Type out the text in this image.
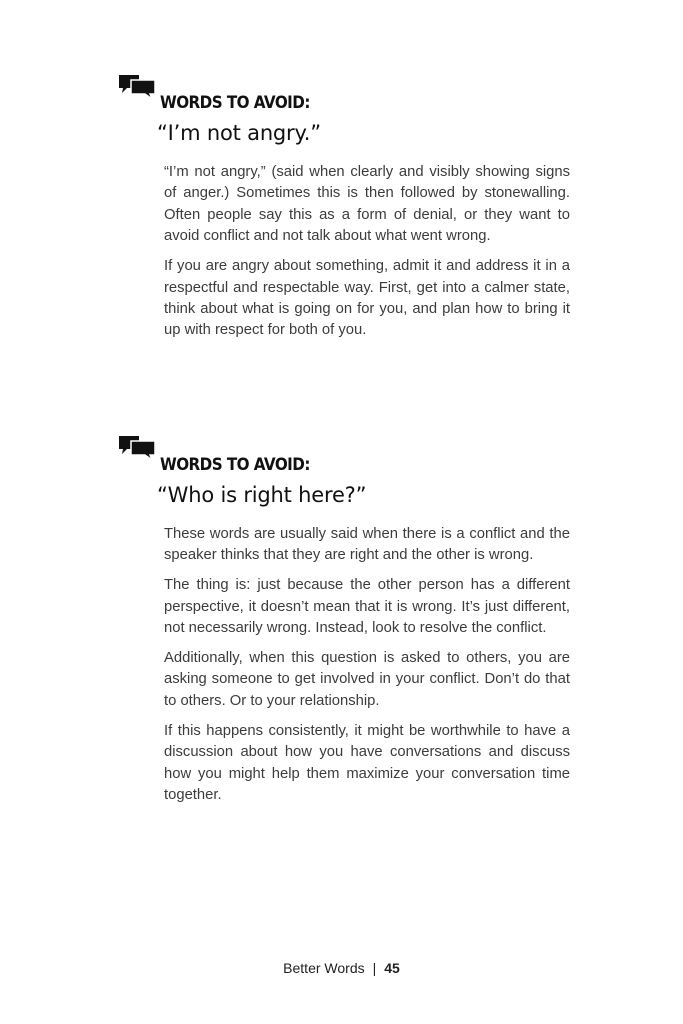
WORDS TO AVOID:
“I’m not angry.”

“I’m not angry,” (said when clearly and visibly showing signs of anger.) Sometimes this is then followed by stonewalling. Often people say this as a form of denial, or they want to avoid conflict and not talk about what went wrong.

If you are angry about something, admit it and address it in a respectful and respectable way. First, get into a calmer state, think about what is going on for you, and plan how to bring it up with respect for both of you.

WORDS TO AVOID:
“Who is right here?”

These words are usually said when there is a conflict and the speaker thinks that they are right and the other is wrong.

The thing is: just because the other person has a different perspective, it doesn’t mean that it is wrong. It’s just different, not necessarily wrong. Instead, look to resolve the conflict.

Additionally, when this question is asked to others, you are asking someone to get involved in your conflict. Don’t do that to others. Or to your relationship.

If this happens consistently, it might be worthwhile to have a discussion about how you have conversations and discuss how you might help them maximize your conversation time together.

Better Words | 45
